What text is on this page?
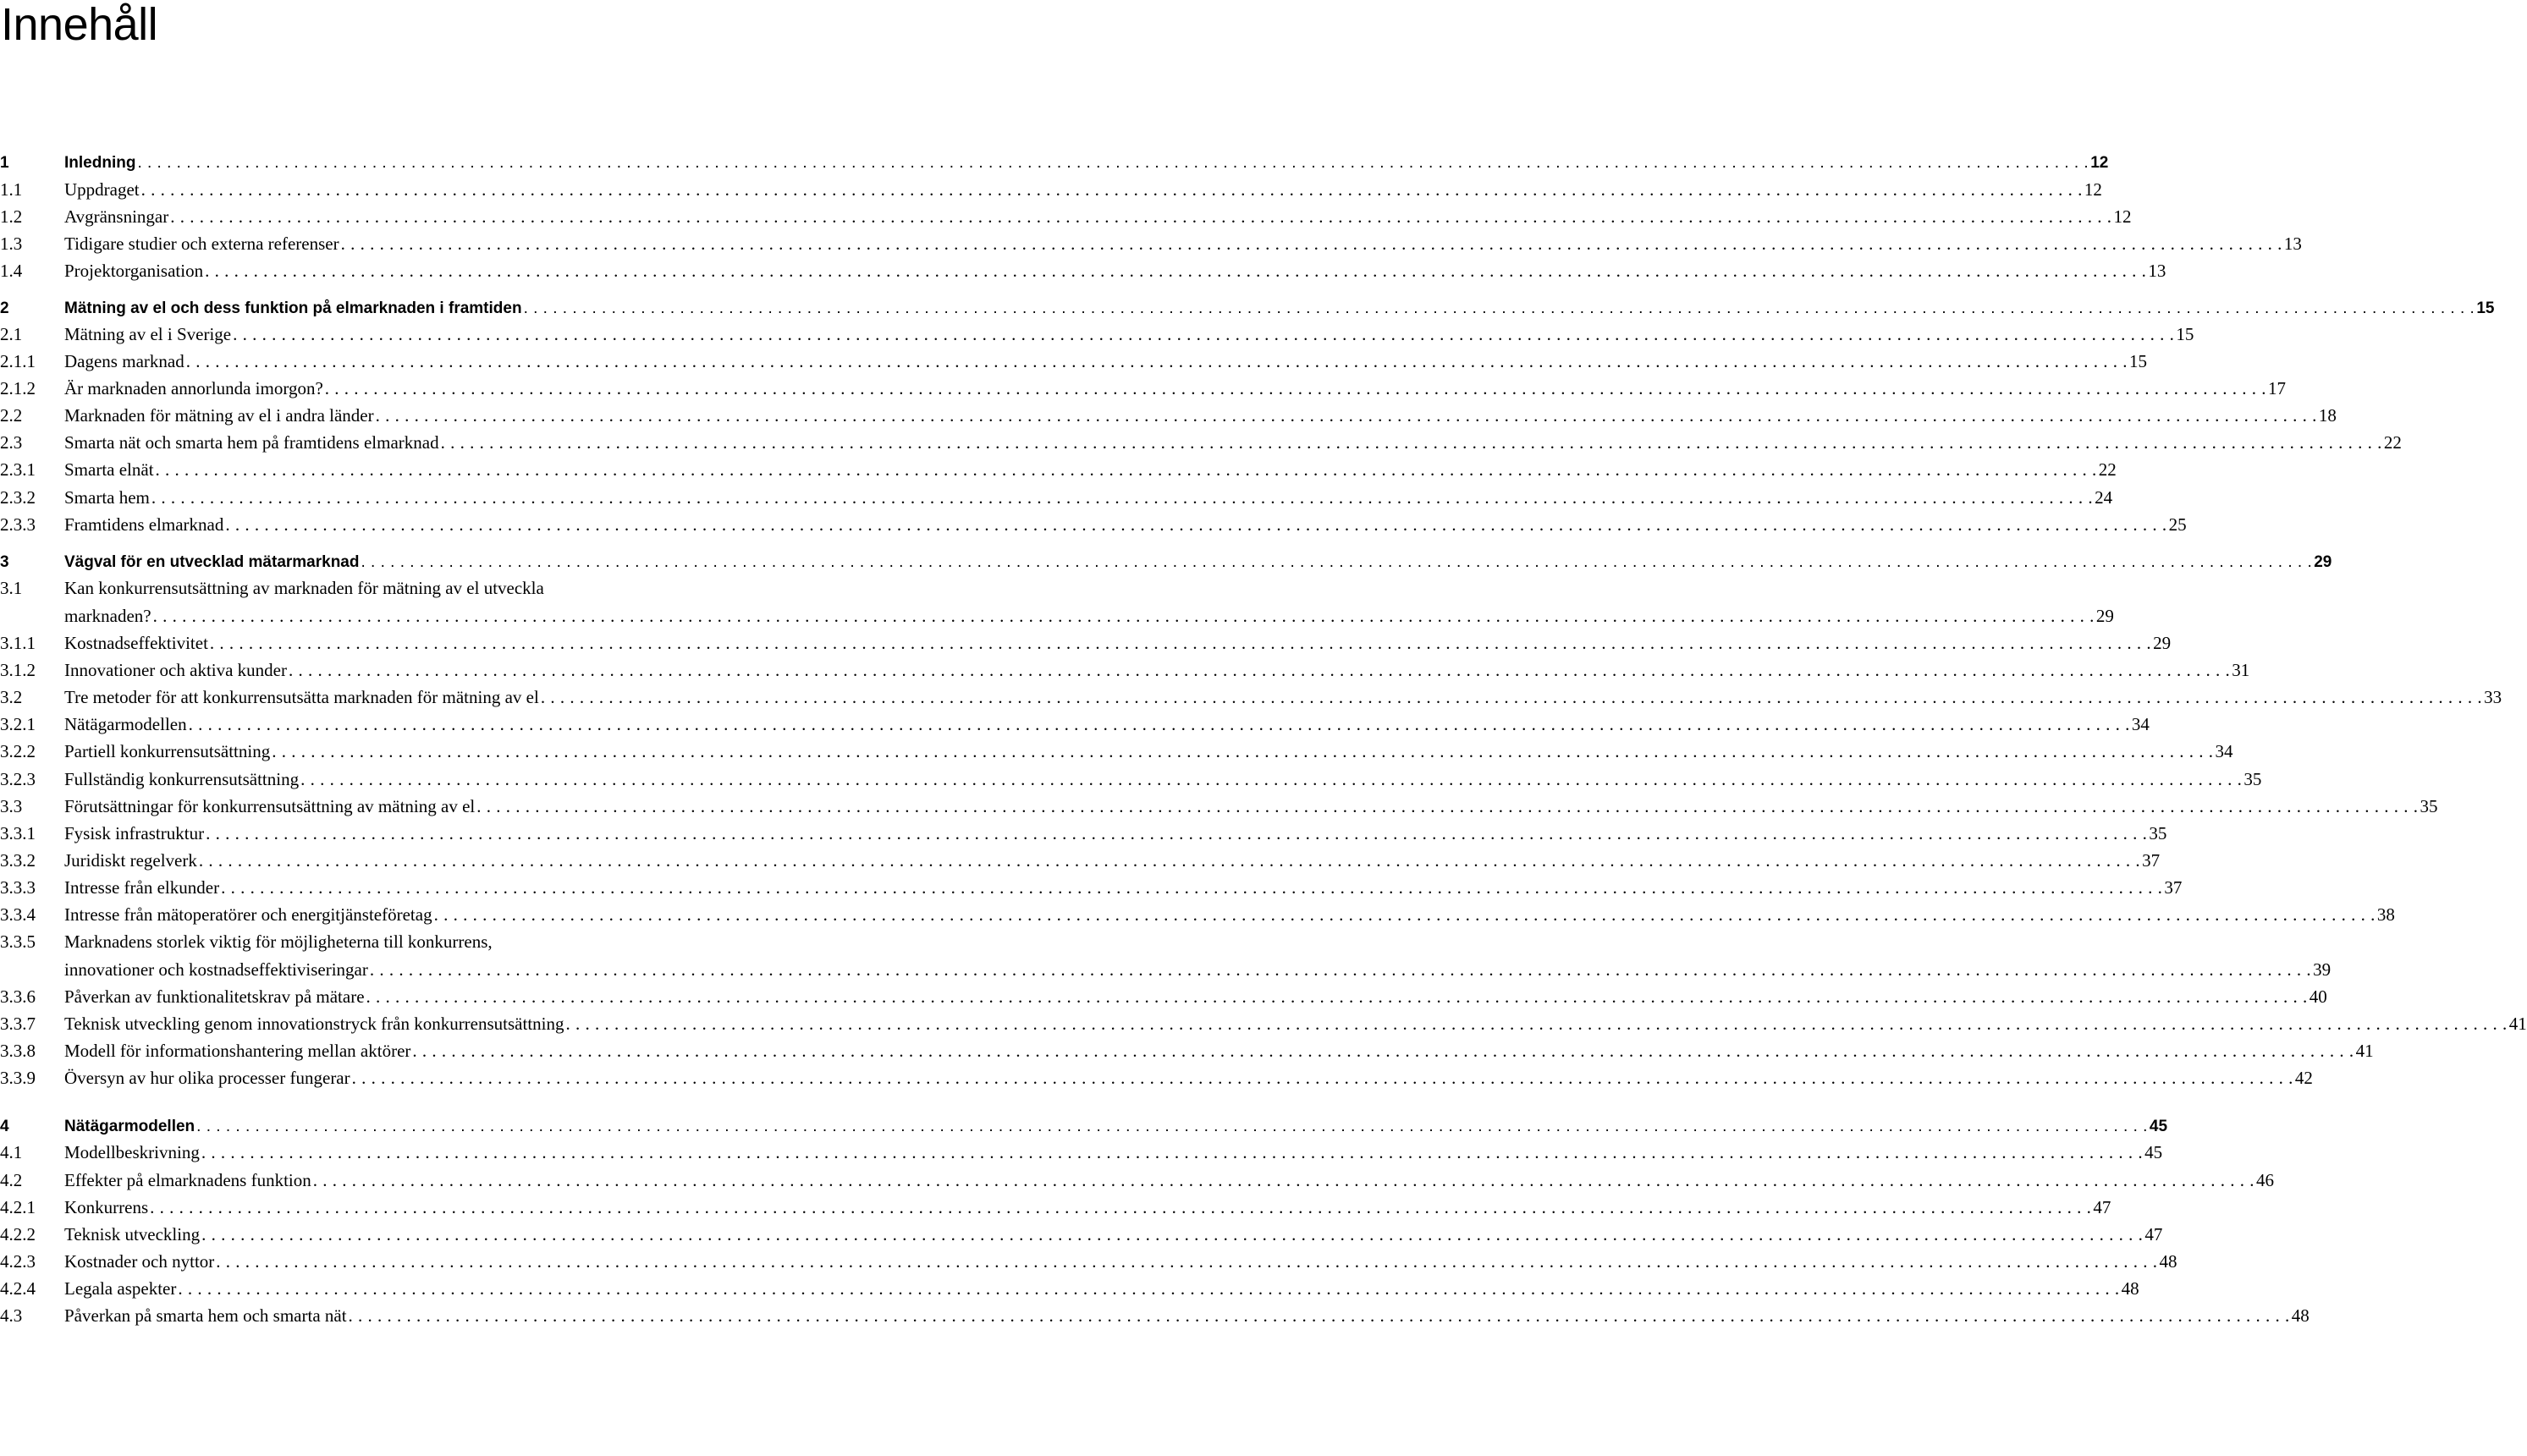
Innehåll
1	Inledning . . . . . . . . . . . . . . . . . . . . . . . . . . . . . . . . . . . . . . . . . . . . . . . . . . . . . . . . . . . . . . . . . . . . . . . . . . . . . . . . . . . . . . . . . . . . . . . . . . . . . . . . . . . . . . . . . . . . . . . . . . . . . . . . . . . . . . . . . . . . . . . . . . . . . . . . . . . . . . . . . . . . . . . . . . . . . . . . . . . . . . . . . . . . . . . . . . . . . . . . 12
1.1 Uppdraget . . . . . . . . . . . . . . . . . . . . . . . . . . . . . . . . . . . . . . . . . . . . . . . . . . . . . . . . . . . . . . . . . . . . . . . . . . . . . . . . . . . . . . . . . . . . . . . . . . . . . . . . . . . . . . . . . . . . . . . . . . . . . . . . . . . . . . . . . . . . . . . . . . . . . . . . . . . . . . . . . . . . . . . . . . . . . . . . . . . . . . . . . . . . . . . . . . . . . . . . 12
1.2 Avgränsningar . . . . . . . . . . . . . . . . . . . . . . . . . . . . . . . . . . . . . . . . . . . . . . . . . . . . . . . . . . . . . . . . . . . . . . . . . . . . . . . . . . . . . . . . . . . . . . . . . . . . . . . . . . . . . . . . . . . . . . . . . . . . . . . . . . . . . . . . . . . . . . . . . . . . . . . . . . . . . . . . . . . . . . . . . . . . . . . . . . . . . . . . . . . . . . . . . . . . . . . . 12
1.3 Tidigare studier och externa referenser . . . . . . . . . . . . . . . . . . . . . . . . . . . . . . . . . . . . . . . . . . . . . . . . . . . . . . . . . . . . . . . . . . . . . . . . . . . . . . . . . . . . . . . . . . . . . . . . . . . . . . . . . . . . . . . . . . . . . . . . . . . . . . . . . . . . . . . . . . . . . . . . . . . . . . . . . . . . . . . . . . . . . . . . . . . . . . . . . . . . . . . . . . . . . . . . . . . . . . . . 13
1.4 Projektorganisation . . . . . . . . . . . . . . . . . . . . . . . . . . . . . . . . . . . . . . . . . . . . . . . . . . . . . . . . . . . . . . . . . . . . . . . . . . . . . . . . . . . . . . . . . . . . . . . . . . . . . . . . . . . . . . . . . . . . . . . . . . . . . . . . . . . . . . . . . . . . . . . . . . . . . . . . . . . . . . . . . . . . . . . . . . . . . . . . . . . . . . . . . . . . . . . . . . . . . . . . 13
2	Mätning av el och dess funktion på elmarknaden i framtiden . . . . . . . . . . . . . . . . . . . . . . . . . . . . . . . . . . . . . . . . . . . . . . . . . . . . . . . . . . . . . . . . . . . . . . . . . . . . . . . . . . . . . . . . . . . . . . . . . . . . . . . . . . . . . . . . . . . . . . . . . . . . . . . . . . . . . . . . . . . . . . . . . . . . . . . . . . . . . . . . . . . . . . . . . . . . . . . . . . . . . . . . . . . . . . . . . . . . . . . . 15
2.1 Mätning av el i Sverige . . . . . . . . . . . . . . . . . . . . . . . . . . . . . . . . . . . . . . . . . . . . . . . . . . . . . . . . . . . . . . . . . . . . . . . . . . . . . . . . . . . . . . . . . . . . . . . . . . . . . . . . . . . . . . . . . . . . . . . . . . . . . . . . . . . . . . . . . . . . . . . . . . . . . . . . . . . . . . . . . . . . . . . . . . . . . . . . . . . . . . . . . . . . . . . . . . . . . . . . 15
2.1.1 Dagens marknad . . . . . . . . . . . . . . . . . . . . . . . . . . . . . . . . . . . . . . . . . . . . . . . . . . . . . . . . . . . . . . . . . . . . . . . . . . . . . . . . . . . . . . . . . . . . . . . . . . . . . . . . . . . . . . . . . . . . . . . . . . . . . . . . . . . . . . . . . . . . . . . . . . . . . . . . . . . . . . . . . . . . . . . . . . . . . . . . . . . . . . . . . . . . . . . . . . . . . . . . 15
2.1.2 Är marknaden annorlunda imorgon? . . . . . . . . . . . . . . . . . . . . . . . . . . . . . . . . . . . . . . . . . . . . . . . . . . . . . . . . . . . . . . . . . . . . . . . . . . . . . . . . . . . . . . . . . . . . . . . . . . . . . . . . . . . . . . . . . . . . . . . . . . . . . . . . . . . . . . . . . . . . . . . . . . . . . . . . . . . . . . . . . . . . . . . . . . . . . . . . . . . . . . . . . . . . . . . . . . . . . . . . 17
2.2 Marknaden för mätning av el i andra länder . . . . . . . . . . . . . . . . . . . . . . . . . . . . . . . . . . . . . . . . . . . . . . . . . . . . . . . . . . . . . . . . . . . . . . . . . . . . . . . . . . . . . . . . . . . . . . . . . . . . . . . . . . . . . . . . . . . . . . . . . . . . . . . . . . . . . . . . . . . . . . . . . . . . . . . . . . . . . . . . . . . . . . . . . . . . . . . . . . . . . . . . . . . . . . . . . . . . . . . . 18
2.3 Smarta nät och smarta hem på framtidens elmarknad . . . . . . . . . . . . . . . . . . . . . . . . . . . . . . . . . . . . . . . . . . . . . . . . . . . . . . . . . . . . . . . . . . . . . . . . . . . . . . . . . . . . . . . . . . . . . . . . . . . . . . . . . . . . . . . . . . . . . . . . . . . . . . . . . . . . . . . . . . . . . . . . . . . . . . . . . . . . . . . . . . . . . . . . . . . . . . . . . . . . . . . . . . . . . . . . . . . . . . . . 22
2.3.1 Smarta elnät . . . . . . . . . . . . . . . . . . . . . . . . . . . . . . . . . . . . . . . . . . . . . . . . . . . . . . . . . . . . . . . . . . . . . . . . . . . . . . . . . . . . . . . . . . . . . . . . . . . . . . . . . . . . . . . . . . . . . . . . . . . . . . . . . . . . . . . . . . . . . . . . . . . . . . . . . . . . . . . . . . . . . . . . . . . . . . . . . . . . . . . . . . . . . . . . . . . . . . . . 22
2.3.2 Smarta hem . . . . . . . . . . . . . . . . . . . . . . . . . . . . . . . . . . . . . . . . . . . . . . . . . . . . . . . . . . . . . . . . . . . . . . . . . . . . . . . . . . . . . . . . . . . . . . . . . . . . . . . . . . . . . . . . . . . . . . . . . . . . . . . . . . . . . . . . . . . . . . . . . . . . . . . . . . . . . . . . . . . . . . . . . . . . . . . . . . . . . . . . . . . . . . . . . . . . . . . . 24
2.3.3 Framtidens elmarknad . . . . . . . . . . . . . . . . . . . . . . . . . . . . . . . . . . . . . . . . . . . . . . . . . . . . . . . . . . . . . . . . . . . . . . . . . . . . . . . . . . . . . . . . . . . . . . . . . . . . . . . . . . . . . . . . . . . . . . . . . . . . . . . . . . . . . . . . . . . . . . . . . . . . . . . . . . . . . . . . . . . . . . . . . . . . . . . . . . . . . . . . . . . . . . . . . . . . . . . . 25
3	Vägval för en utvecklad mätarmarknad . . . . . . . . . . . . . . . . . . . . . . . . . . . . . . . . . . . . . . . . . . . . . . . . . . . . . . . . . . . . . . . . . . . . . . . . . . . . . . . . . . . . . . . . . . . . . . . . . . . . . . . . . . . . . . . . . . . . . . . . . . . . . . . . . . . . . . . . . . . . . . . . . . . . . . . . . . . . . . . . . . . . . . . . . . . . . . . . . . . . . . . . . . . . . . . . . . . . . . . . 29
3.1 Kan konkurrensutsättning av marknaden för mätning av el utveckla
marknaden? . . . . . . . . . . . . . . . . . . . . . . . . . . . . . . . . . . . . . . . . . . . . . . . . . . . . . . . . . . . . . . . . . . . . . . . . . . . . . . . . . . . . . . . . . . . . . . . . . . . . . . . . . . . . . . . . . . . . . . . . . . . . . . . . . . . . . . . . . . . . . . . . . . . . . . . . . . . . . . . . . . . . . . . . . . . . . . . . . . . . . . . . . . . . . . . . . . . . . . . . 29
3.1.1 Kostnadseffektivitet . . . . . . . . . . . . . . . . . . . . . . . . . . . . . . . . . . . . . . . . . . . . . . . . . . . . . . . . . . . . . . . . . . . . . . . . . . . . . . . . . . . . . . . . . . . . . . . . . . . . . . . . . . . . . . . . . . . . . . . . . . . . . . . . . . . . . . . . . . . . . . . . . . . . . . . . . . . . . . . . . . . . . . . . . . . . . . . . . . . . . . . . . . . . . . . . . . . . . . . . 29
3.1.2 Innovationer och aktiva kunder . . . . . . . . . . . . . . . . . . . . . . . . . . . . . . . . . . . . . . . . . . . . . . . . . . . . . . . . . . . . . . . . . . . . . . . . . . . . . . . . . . . . . . . . . . . . . . . . . . . . . . . . . . . . . . . . . . . . . . . . . . . . . . . . . . . . . . . . . . . . . . . . . . . . . . . . . . . . . . . . . . . . . . . . . . . . . . . . . . . . . . . . . . . . . . . . . . . . . . . . 31
3.2 Tre metoder för att konkurrensutsätta marknaden för mätning av el . . . . . . . . . . . . . . . . . . . . . . . . . . . . . . . . . . . . . . . . . . . . . . . . . . . . . . . . . . . . . . . . . . . . . . . . . . . . . . . . . . . . . . . . . . . . . . . . . . . . . . . . . . . . . . . . . . . . . . . . . . . . . . . . . . . . . . . . . . . . . . . . . . . . . . . . . . . . . . . . . . . . . . . . . . . . . . . . . . . . . . . . . . . . . . . . . . . . . . . . 33
3.2.1 Nätägarmodellen . . . . . . . . . . . . . . . . . . . . . . . . . . . . . . . . . . . . . . . . . . . . . . . . . . . . . . . . . . . . . . . . . . . . . . . . . . . . . . . . . . . . . . . . . . . . . . . . . . . . . . . . . . . . . . . . . . . . . . . . . . . . . . . . . . . . . . . . . . . . . . . . . . . . . . . . . . . . . . . . . . . . . . . . . . . . . . . . . . . . . . . . . . . . . . . . . . . . . . . . 34
3.2.2 Partiell konkurrensutsättning . . . . . . . . . . . . . . . . . . . . . . . . . . . . . . . . . . . . . . . . . . . . . . . . . . . . . . . . . . . . . . . . . . . . . . . . . . . . . . . . . . . . . . . . . . . . . . . . . . . . . . . . . . . . . . . . . . . . . . . . . . . . . . . . . . . . . . . . . . . . . . . . . . . . . . . . . . . . . . . . . . . . . . . . . . . . . . . . . . . . . . . . . . . . . . . . . . . . . . . . 34
3.2.3 Fullständig konkurrensutsättning . . . . . . . . . . . . . . . . . . . . . . . . . . . . . . . . . . . . . . . . . . . . . . . . . . . . . . . . . . . . . . . . . . . . . . . . . . . . . . . . . . . . . . . . . . . . . . . . . . . . . . . . . . . . . . . . . . . . . . . . . . . . . . . . . . . . . . . . . . . . . . . . . . . . . . . . . . . . . . . . . . . . . . . . . . . . . . . . . . . . . . . . . . . . . . . . . . . . . . . . 35
3.3 Förutsättningar för konkurrensutsättning av mätning av el . . . . . . . . . . . . . . . . . . . . . . . . . . . . . . . . . . . . . . . . . . . . . . . . . . . . . . . . . . . . . . . . . . . . . . . . . . . . . . . . . . . . . . . . . . . . . . . . . . . . . . . . . . . . . . . . . . . . . . . . . . . . . . . . . . . . . . . . . . . . . . . . . . . . . . . . . . . . . . . . . . . . . . . . . . . . . . . . . . . . . . . . . . . . . . . . . . . . . . . . 35
3.3.1 Fysisk infrastruktur . . . . . . . . . . . . . . . . . . . . . . . . . . . . . . . . . . . . . . . . . . . . . . . . . . . . . . . . . . . . . . . . . . . . . . . . . . . . . . . . . . . . . . . . . . . . . . . . . . . . . . . . . . . . . . . . . . . . . . . . . . . . . . . . . . . . . . . . . . . . . . . . . . . . . . . . . . . . . . . . . . . . . . . . . . . . . . . . . . . . . . . . . . . . . . . . . . . . . . . . 35
3.3.2 Juridiskt regelverk . . . . . . . . . . . . . . . . . . . . . . . . . . . . . . . . . . . . . . . . . . . . . . . . . . . . . . . . . . . . . . . . . . . . . . . . . . . . . . . . . . . . . . . . . . . . . . . . . . . . . . . . . . . . . . . . . . . . . . . . . . . . . . . . . . . . . . . . . . . . . . . . . . . . . . . . . . . . . . . . . . . . . . . . . . . . . . . . . . . . . . . . . . . . . . . . . . . . . . . . 37
3.3.3 Intresse från elkunder . . . . . . . . . . . . . . . . . . . . . . . . . . . . . . . . . . . . . . . . . . . . . . . . . . . . . . . . . . . . . . . . . . . . . . . . . . . . . . . . . . . . . . . . . . . . . . . . . . . . . . . . . . . . . . . . . . . . . . . . . . . . . . . . . . . . . . . . . . . . . . . . . . . . . . . . . . . . . . . . . . . . . . . . . . . . . . . . . . . . . . . . . . . . . . . . . . . . . . . . 37
3.3.4 Intresse från mätoperatörer och energitjänsteföretag . . . . . . . . . . . . . . . . . . . . . . . . . . . . . . . . . . . . . . . . . . . . . . . . . . . . . . . . . . . . . . . . . . . . . . . . . . . . . . . . . . . . . . . . . . . . . . . . . . . . . . . . . . . . . . . . . . . . . . . . . . . . . . . . . . . . . . . . . . . . . . . . . . . . . . . . . . . . . . . . . . . . . . . . . . . . . . . . . . . . . . . . . . . . . . . . . . . . . . . . 38
3.3.5 Marknadens storlek viktig för möjligheterna till konkurrens,
innovationer och kostnadseffektiviseringar . . . . . . . . . . . . . . . . . . . . . . . . . . . . . . . . . . . . . . . . . . . . . . . . . . . . . . . . . . . . . . . . . . . . . . . . . . . . . . . . . . . . . . . . . . . . . . . . . . . . . . . . . . . . . . . . . . . . . . . . . . . . . . . . . . . . . . . . . . . . . . . . . . . . . . . . . . . . . . . . . . . . . . . . . . . . . . . . . . . . . . . . . . . . . . . . . . . . . . . . 39
3.3.6 Påverkan av funktionalitetskrav på mätare . . . . . . . . . . . . . . . . . . . . . . . . . . . . . . . . . . . . . . . . . . . . . . . . . . . . . . . . . . . . . . . . . . . . . . . . . . . . . . . . . . . . . . . . . . . . . . . . . . . . . . . . . . . . . . . . . . . . . . . . . . . . . . . . . . . . . . . . . . . . . . . . . . . . . . . . . . . . . . . . . . . . . . . . . . . . . . . . . . . . . . . . . . . . . . . . . . . . . . . . 40
3.3.7 Teknisk utveckling genom innovationstryck från konkurrensutsättning . . . . . . . . . . . . . . . . . . . . . . . . . . . . . . . . . . . . . . . . . . . . . . . . . . . . . . . . . . . . . . . . . . . . . . . . . . . . . . . . . . . . . . . . . . . . . . . . . . . . . . . . . . . . . . . . . . . . . . . . . . . . . . . . . . . . . . . . . . . . . . . . . . . . . . . . . . . . . . . . . . . . . . . . . . . . . . . . . . . . . . . . . . . . . . . . . . . . . . . . 41
3.3.8 Modell för informationshantering mellan aktörer . . . . . . . . . . . . . . . . . . . . . . . . . . . . . . . . . . . . . . . . . . . . . . . . . . . . . . . . . . . . . . . . . . . . . . . . . . . . . . . . . . . . . . . . . . . . . . . . . . . . . . . . . . . . . . . . . . . . . . . . . . . . . . . . . . . . . . . . . . . . . . . . . . . . . . . . . . . . . . . . . . . . . . . . . . . . . . . . . . . . . . . . . . . . . . . . . . . . . . . . 41
3.3.9 Översyn av hur olika processer fungerar . . . . . . . . . . . . . . . . . . . . . . . . . . . . . . . . . . . . . . . . . . . . . . . . . . . . . . . . . . . . . . . . . . . . . . . . . . . . . . . . . . . . . . . . . . . . . . . . . . . . . . . . . . . . . . . . . . . . . . . . . . . . . . . . . . . . . . . . . . . . . . . . . . . . . . . . . . . . . . . . . . . . . . . . . . . . . . . . . . . . . . . . . . . . . . . . . . . . . . . . 42
4	Nätägarmodellen . . . . . . . . . . . . . . . . . . . . . . . . . . . . . . . . . . . . . . . . . . . . . . . . . . . . . . . . . . . . . . . . . . . . . . . . . . . . . . . . . . . . . . . . . . . . . . . . . . . . . . . . . . . . . . . . . . . . . . . . . . . . . . . . . . . . . . . . . . . . . . . . . . . . . . . . . . . . . . . . . . . . . . . . . . . . . . . . . . . . . . . . . . . . . . . . . . . . . . . . 45
4.1 Modellbeskrivning . . . . . . . . . . . . . . . . . . . . . . . . . . . . . . . . . . . . . . . . . . . . . . . . . . . . . . . . . . . . . . . . . . . . . . . . . . . . . . . . . . . . . . . . . . . . . . . . . . . . . . . . . . . . . . . . . . . . . . . . . . . . . . . . . . . . . . . . . . . . . . . . . . . . . . . . . . . . . . . . . . . . . . . . . . . . . . . . . . . . . . . . . . . . . . . . . . . . . . . . 45
4.2 Effekter på elmarknadens funktion . . . . . . . . . . . . . . . . . . . . . . . . . . . . . . . . . . . . . . . . . . . . . . . . . . . . . . . . . . . . . . . . . . . . . . . . . . . . . . . . . . . . . . . . . . . . . . . . . . . . . . . . . . . . . . . . . . . . . . . . . . . . . . . . . . . . . . . . . . . . . . . . . . . . . . . . . . . . . . . . . . . . . . . . . . . . . . . . . . . . . . . . . . . . . . . . . . . . . . . . 46
4.2.1 Konkurrens . . . . . . . . . . . . . . . . . . . . . . . . . . . . . . . . . . . . . . . . . . . . . . . . . . . . . . . . . . . . . . . . . . . . . . . . . . . . . . . . . . . . . . . . . . . . . . . . . . . . . . . . . . . . . . . . . . . . . . . . . . . . . . . . . . . . . . . . . . . . . . . . . . . . . . . . . . . . . . . . . . . . . . . . . . . . . . . . . . . . . . . . . . . . . . . . . . . . . . . . 47
4.2.2 Teknisk utveckling . . . . . . . . . . . . . . . . . . . . . . . . . . . . . . . . . . . . . . . . . . . . . . . . . . . . . . . . . . . . . . . . . . . . . . . . . . . . . . . . . . . . . . . . . . . . . . . . . . . . . . . . . . . . . . . . . . . . . . . . . . . . . . . . . . . . . . . . . . . . . . . . . . . . . . . . . . . . . . . . . . . . . . . . . . . . . . . . . . . . . . . . . . . . . . . . . . . . . . . . 47
4.2.3 Kostnader och nyttor . . . . . . . . . . . . . . . . . . . . . . . . . . . . . . . . . . . . . . . . . . . . . . . . . . . . . . . . . . . . . . . . . . . . . . . . . . . . . . . . . . . . . . . . . . . . . . . . . . . . . . . . . . . . . . . . . . . . . . . . . . . . . . . . . . . . . . . . . . . . . . . . . . . . . . . . . . . . . . . . . . . . . . . . . . . . . . . . . . . . . . . . . . . . . . . . . . . . . . . . 48
4.2.4 Legala aspekter . . . . . . . . . . . . . . . . . . . . . . . . . . . . . . . . . . . . . . . . . . . . . . . . . . . . . . . . . . . . . . . . . . . . . . . . . . . . . . . . . . . . . . . . . . . . . . . . . . . . . . . . . . . . . . . . . . . . . . . . . . . . . . . . . . . . . . . . . . . . . . . . . . . . . . . . . . . . . . . . . . . . . . . . . . . . . . . . . . . . . . . . . . . . . . . . . . . . . . . . 48
4.3 Påverkan på smarta hem och smarta nät . . . . . . . . . . . . . . . . . . . . . . . . . . . . . . . . . . . . . . . . . . . . . . . . . . . . . . . . . . . . . . . . . . . . . . . . . . . . . . . . . . . . . . . . . . . . . . . . . . . . . . . . . . . . . . . . . . . . . . . . . . . . . . . . . . . . . . . . . . . . . . . . . . . . . . . . . . . . . . . . . . . . . . . . . . . . . . . . . . . . . . . . . . . . . . . . . . . . . . . . 48
